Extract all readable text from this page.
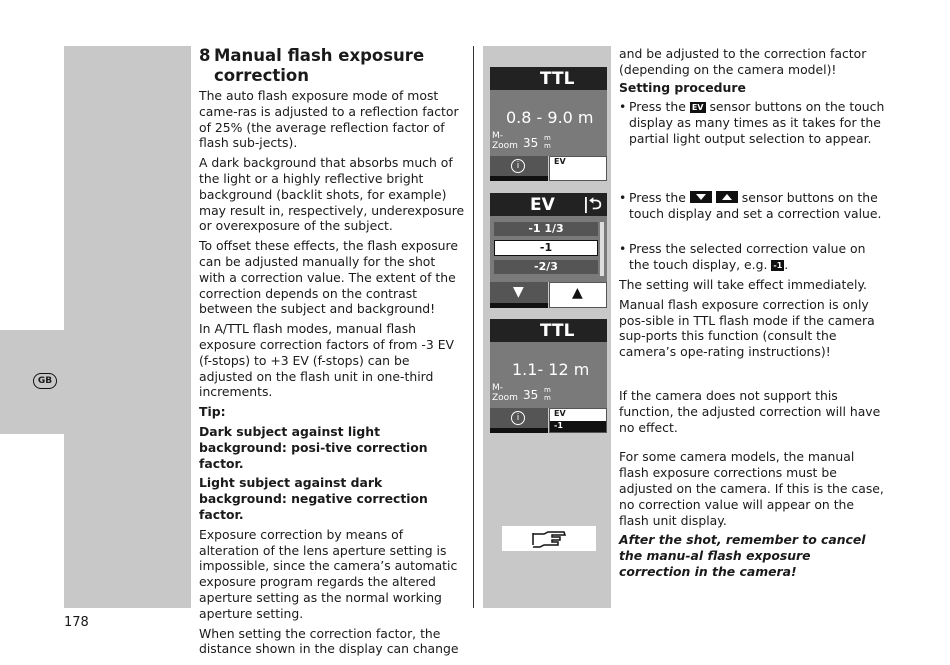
GB
8 Manual flash exposure
correction

The auto flash exposure mode of most came-ras is adjusted to a reflection factor of 25% (the average reflection factor of flash sub-jects).

A dark background that absorbs much of the light or a highly reflective bright background (backlit shots, for example) may result in, respectively, underexposure or overexposure of the subject.

To offset these effects, the flash exposure can be adjusted manually for the shot with a correction value. The extent of the correction depends on the contrast between the subject and background!

In A/TTL flash modes, manual flash exposure correction factors of from -3 EV (f-stops) to +3 EV (f-stops) can be adjusted on the flash unit in one-third increments.

Tip:

Dark subject against light background: posi-tive correction factor.

Light subject against dark background: negative correction factor.

Exposure correction by means of alteration of the lens aperture setting is impossible, since the camera’s automatic exposure program regards the altered aperture setting as the normal working aperture setting.

When setting the correction factor, the distance shown in the display can change

TTL
0.8 - 9.0 m
M-
Zoom 35 m
m
i	EV
EV |⮌
-1 1/3
-1
-2/3
▼	▲
TTL
1.1- 12 m
M-
Zoom 35 m
m
i	EV
-1

and be adjusted to the correction factor (depending on the camera model)!

Setting procedure

• Press the EV sensor buttons on the touch display as many times as it takes for the partial light output selection to appear.
• Press the
	sensor buttons on the touch display and set a correction value.
• Press the selected correction value on the touch display, e.g. -1 .

The setting will take effect immediately.

Manual flash exposure correction is only pos-sible in TTL flash mode if the camera sup-ports this function (consult the camera’s ope-rating instructions)!

If the camera does not support this function, the adjusted correction will have no effect.

For some camera models, the manual flash exposure corrections must be adjusted on the camera. If this is the case, no correction value will appear on the flash unit display.

After the shot, remember to cancel the manu-al flash exposure correction in the camera!

178
